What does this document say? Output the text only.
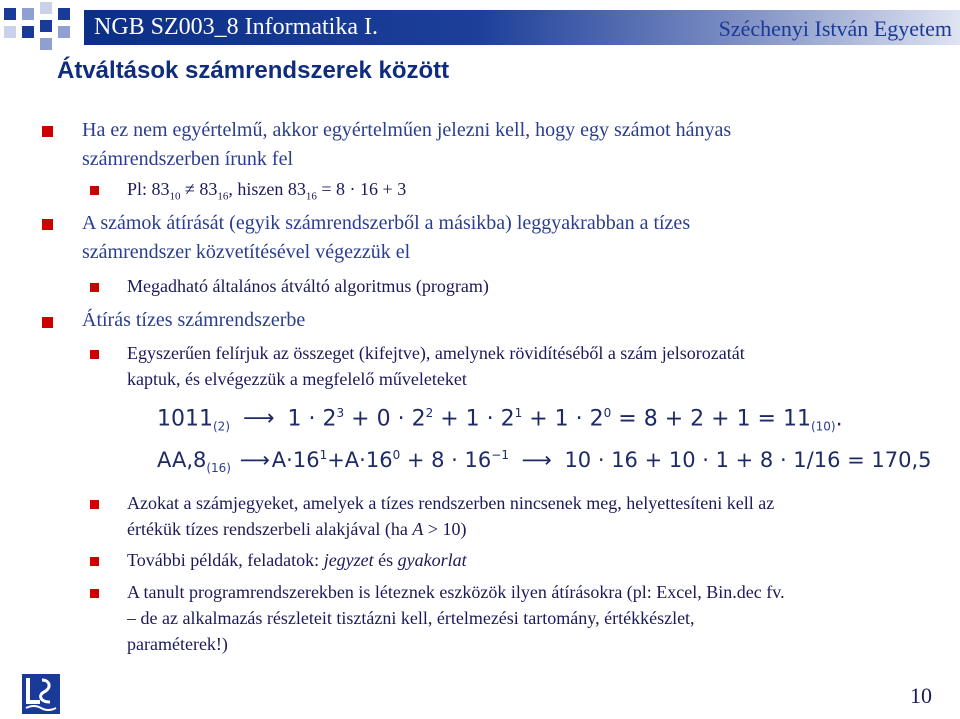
NGB SZ003_8 Informatika I.	Széchenyi István Egyetem
Átváltások számrendszerek között
Ha ez nem egyértelmű, akkor egyértelműen jelezni kell, hogy egy számot hányas
számrendszerben írunk fel
Pl: $83_{10} \ne 83_{16}$, hiszen $83_{16} = 8 \cdot 16 + 3$
A számok átírását (egyik számrendszerből a másikba) leggyakrabban a tízes
számrendszer közvetítésével végezzük el
Megadható általános átváltó algoritmus (program)
Átírás tízes számrendszerbe
Egyszerűen felírjuk az összeget (kifejtve), amelynek rövidítéséből a szám jelsorozatát
kaptuk, és elvégezzük a megfelelő műveleteket
$1011_{(2)}$ ⟶ $1 \cdot 2^3 + 0 \cdot 2^2 + 1 \cdot 2^1 + 1 \cdot 2^0 = 8 + 2 + 1 = 11_{(10)}$.
$AA,8_{(16)}$ $⟶A\cdot 16^1+A\cdot 16^0 + 8 \cdot 16^{-1}$ ⟶ 10 · 16 + 10 · 1 + 8 · 1/16 = 170,5
Azokat a számjegyeket, amelyek a tízes rendszerben nincsenek meg, helyettesíteni kell az
értékük tízes rendszerbeli alakjával (ha A > 10)
További példák, feladatok: jegyzet és gyakorlat
A tanult programrendszerekben is léteznek eszközök ilyen átírásokra (pl: Excel, Bin.dec fv.
– de az alkalmazás részleteit tisztázni kell, értelmezési tartomány, értékkészlet,
paraméterek!)
10
